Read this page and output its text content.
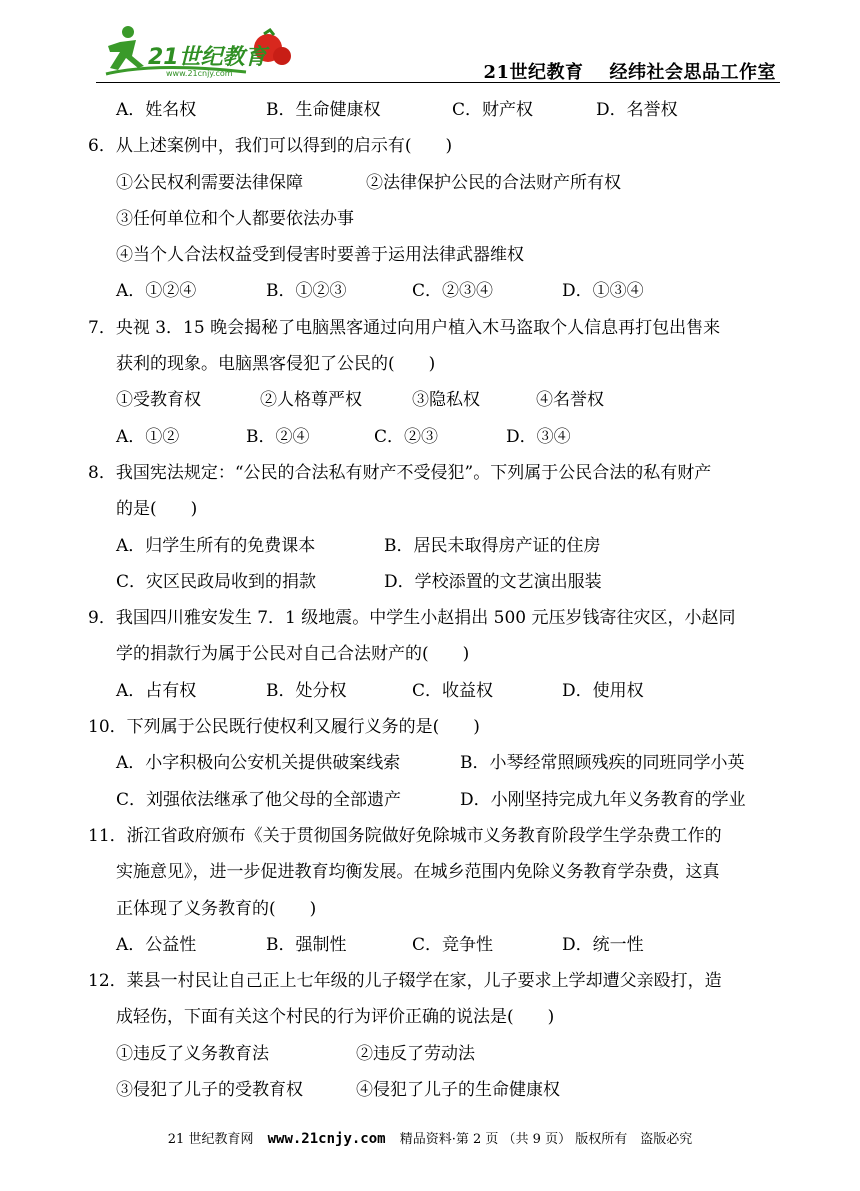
21世纪教育
www.21cnjy.com	21世纪教育 经纬社会思品工作室
A．姓名权	B．生命健康权	C．财产权	D．名誉权
6．从上述案例中，我们可以得到的启示有(　　)
①公民权利需要法律保障	②法律保护公民的合法财产所有权
③任何单位和个人都要依法办事
④当个人合法权益受到侵害时要善于运用法律武器维权
A．①②④	B．①②③	C．②③④	D．①③④
7．央视 3．15 晚会揭秘了电脑黑客通过向用户植入木马盗取个人信息再打包出售来
获利的现象。电脑黑客侵犯了公民的(　　)
①受教育权	②人格尊严权	③隐私权	④名誉权
A．①②	B．②④	C．②③	D．③④
8．我国宪法规定：“公民的合法私有财产不受侵犯”。下列属于公民合法的私有财产
的是(　　)
A．归学生所有的免费课本	B．居民未取得房产证的住房
C．灾区民政局收到的捐款	D．学校添置的文艺演出服装
9．我国四川雅安发生 7．1 级地震。中学生小赵捐出 500 元压岁钱寄往灾区，小赵同
学的捐款行为属于公民对自己合法财产的(　　)
A．占有权	B．处分权	C．收益权	D．使用权
10．下列属于公民既行使权利又履行义务的是(　　)
A．小字积极向公安机关提供破案线索	B．小琴经常照顾残疾的同班同学小英
C．刘强依法继承了他父母的全部遗产	D．小刚坚持完成九年义务教育的学业
11．浙江省政府颁布《关于贯彻国务院做好免除城市义务教育阶段学生学杂费工作的
实施意见》，进一步促进教育均衡发展。在城乡范围内免除义务教育学杂费，这真
正体现了义务教育的(　　)
A．公益性	B．强制性	C．竞争性	D．统一性
12．莱县一村民让自己正上七年级的儿子辍学在家，儿子要求上学却遭父亲殴打，造
成轻伤，下面有关这个村民的行为评价正确的说法是(　　)
①违反了义务教育法	②违反了劳动法
③侵犯了儿子的受教育权	④侵犯了儿子的生命健康权
21 世纪教育网 www.21cnjy.com 精品资料·第 2 页 （共 9 页） 版权所有　盗版必究
